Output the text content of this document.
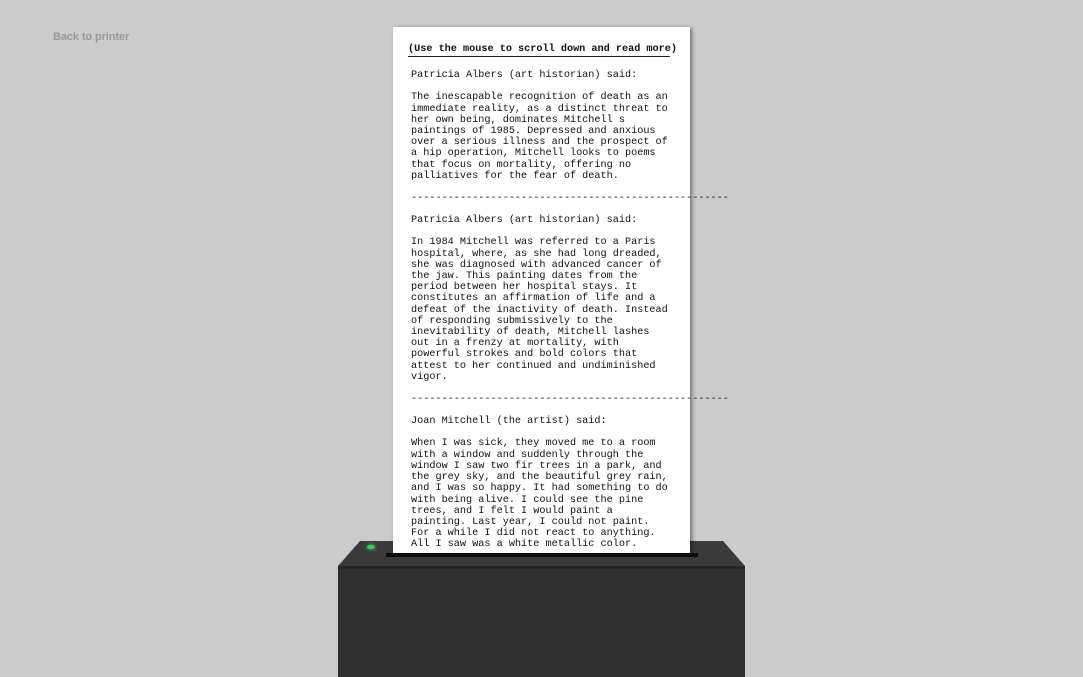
Back to printer
(Use the mouse to scroll down and read more)
Patricia Albers (art historian) said:
The inescapable recognition of death as an
immediate reality, as a distinct threat to
her own being, dominates Mitchell s
paintings of 1985. Depressed and anxious
over a serious illness and the prospect of
a hip operation, Mitchell looks to poems
that focus on mortality, offering no
palliatives for the fear of death.
----------------------------------------------------
Patricia Albers (art historian) said:
In 1984 Mitchell was referred to a Paris
hospital, where, as she had long dreaded,
she was diagnosed with advanced cancer of
the jaw. This painting dates from the
period between her hospital stays. It
constitutes an affirmation of life and a
defeat of the inactivity of death. Instead
of responding submissively to the
inevitability of death, Mitchell lashes
out in a frenzy at mortality, with
powerful strokes and bold colors that
attest to her continued and undiminished
vigor.
----------------------------------------------------
Joan Mitchell (the artist) said:
When I was sick, they moved me to a room
with a window and suddenly through the
window I saw two fir trees in a park, and
the grey sky, and the beautiful grey rain,
and I was so happy. It had something to do
with being alive. I could see the pine
trees, and I felt I would paint a
painting. Last year, I could not paint.
For a while I did not react to anything.
All I saw was a white metallic color.
